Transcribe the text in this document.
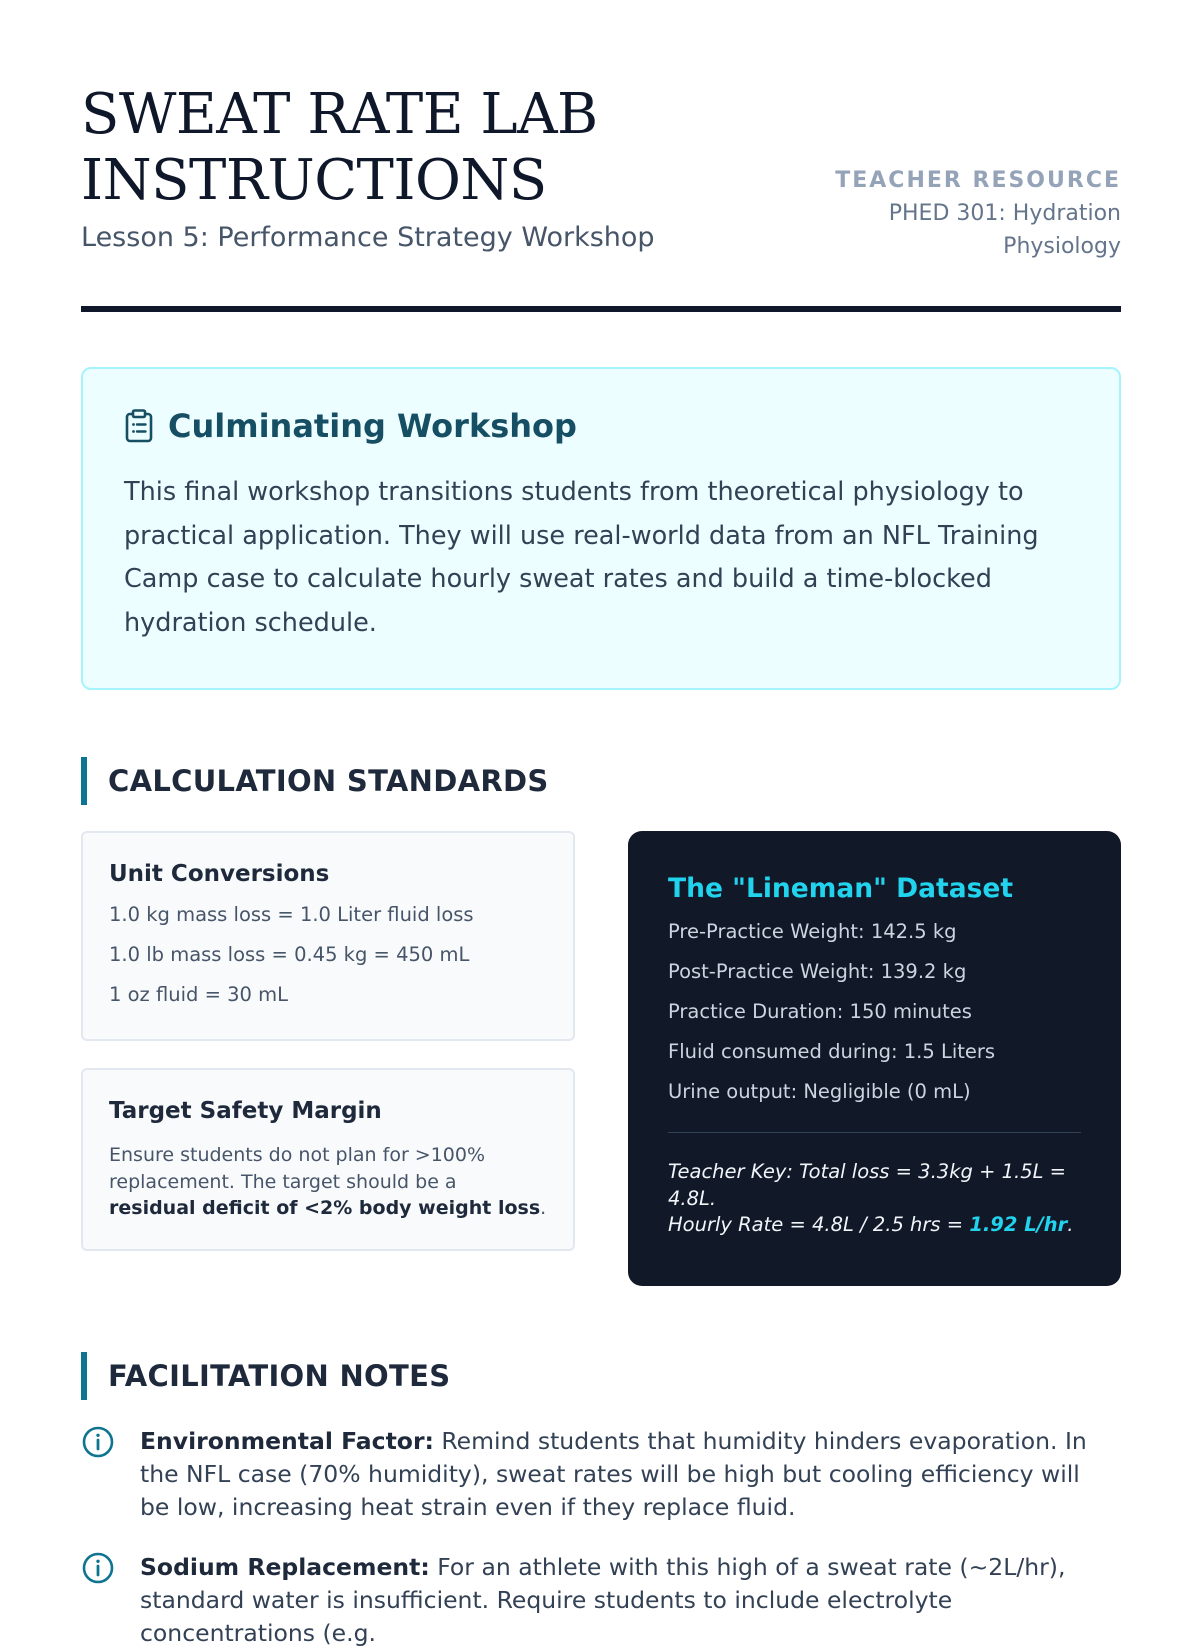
SWEAT RATE LAB
INSTRUCTIONS
Lesson 5: Performance Strategy Workshop
TEACHER RESOURCE
PHED 301: Hydration
Physiology
Culminating Workshop

This final workshop transitions students from theoretical physiology to practical application. They will use real-world data from an NFL Training Camp case to calculate hourly sweat rates and build a time-blocked hydration schedule.

CALCULATION STANDARDS
Unit Conversions
1.0 kg mass loss = 1.0 Liter fluid loss
1.0 lb mass loss = 0.45 kg = 450 mL
1 oz fluid = 30 mL
Target Safety Margin

Ensure students do not plan for >100% replacement. The target should be a residual deficit of <2% body weight loss.

The "Lineman" Dataset
Pre-Practice Weight: 142.5 kg
Post-Practice Weight: 139.2 kg
Practice Duration: 150 minutes
Fluid consumed during: 1.5 Liters
Urine output: Negligible (0 mL)

Teacher Key: Total loss = 3.3kg + 1.5L = 4.8L.
Hourly Rate = 4.8L / 2.5 hrs = 1.92 L/hr.

FACILITATION NOTES

Environmental Factor: Remind students that humidity hinders evaporation. In the NFL case (70% humidity), sweat rates will be high but cooling efficiency will be low, increasing heat strain even if they replace fluid.

Sodium Replacement: For an athlete with this high of a sweat rate (~2L/hr), standard water is insufficient. Require students to include electrolyte concentrations (e.g.
